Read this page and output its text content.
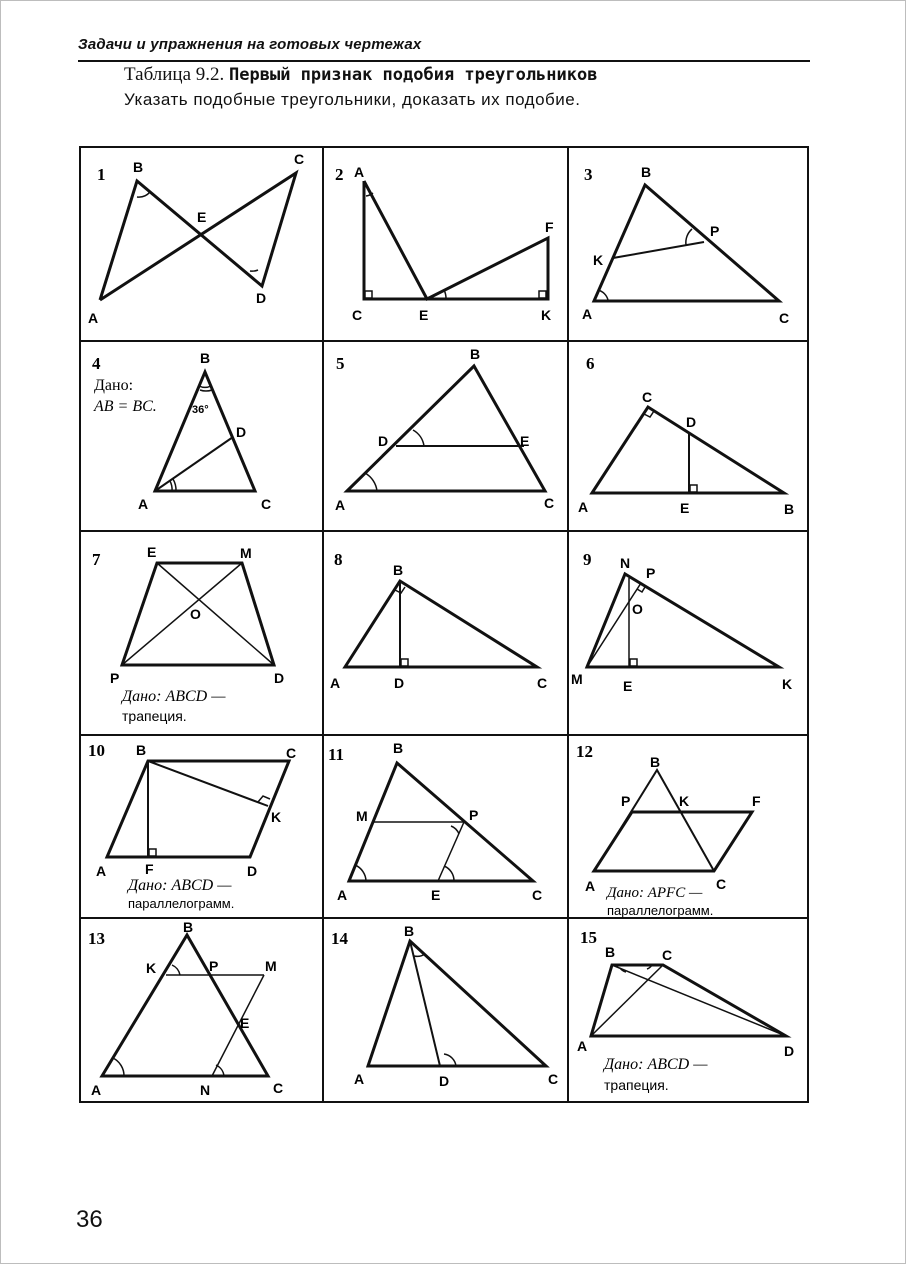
Задачи и упражнения на готовых чертежах
Таблица 9.2. Первый признак подобия треугольников
Указать подобные треугольники, доказать их подобие.
1 B	C
E
D
A
2 A
F
C	E	K
3	B
P
K
A	C
4
Дано:
AB = BC.	36°
B
D
A	C
5	B
D	E
A	C
6
C
D
A	E	B
7	E	M
O
P	D
Дано: ABCD —
трапеция.
8
B
A	D	C
9 N
P
O
M	E	K
10 B	C
K
A	F	D
Дано: ABCD —
параллелограмм.
11	B
M	P
A	E	C
12
B
P	K	F
A	C
Дано: APFC —
параллелограмм.
13
B
K	P	M
E
A	N	C
14	B
A	D	C
15
B	C
A	D
Дано: ABCD —
трапеция.
36
